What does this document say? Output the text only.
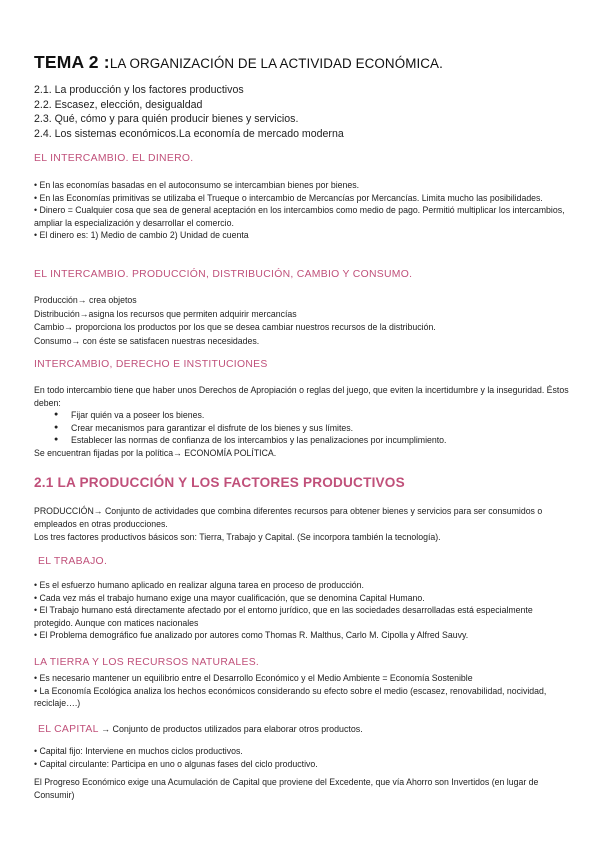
TEMA 2 :LA ORGANIZACIÓN DE LA ACTIVIDAD ECONÓMICA.
2.1. La producción y los factores productivos
2.2. Escasez, elección, desigualdad
2.3. Qué, cómo y para quién producir bienes y servicios.
2.4. Los sistemas económicos.La economía de mercado moderna
EL INTERCAMBIO. EL DINERO.

• En las economías basadas en el autoconsumo se intercambian bienes por bienes.

• En las Economías primitivas se utilizaba el Trueque o intercambio de Mercancías por Mercancías. Limita mucho las posibilidades.

• Dinero = Cualquier cosa que sea de general aceptación en los intercambios como medio de pago. Permitió multiplicar los intercambios, ampliar la especialización y desarrollar el comercio.

• El dinero es: 1) Medio de cambio 2) Unidad de cuenta

EL INTERCAMBIO. PRODUCCIÓN, DISTRIBUCIÓN, CAMBIO Y CONSUMO.

Producción→ crea objetos

Distribución→asigna los recursos que permiten adquirir mercancías

Cambio→ proporciona los productos por los que se desea cambiar nuestros recursos de la distribución.

Consumo→ con éste se satisfacen nuestras necesidades.

INTERCAMBIO, DERECHO E INSTITUCIONES

En todo intercambio tiene que haber unos Derechos de Apropiación o reglas del juego, que eviten la incertidumbre y la inseguridad. Éstos deben:

● Fijar quién va a poseer los bienes.
● Crear mecanismos para garantizar el disfrute de los bienes y sus límites.
● Establecer las normas de confianza de los intercambios y las penalizaciones por incumplimiento.

Se encuentran fijadas por la política→ ECONOMÍA POLÍTICA.

2.1 LA PRODUCCIÓN Y LOS FACTORES PRODUCTIVOS

PRODUCCIÓN→ Conjunto de actividades que combina diferentes recursos para obtener bienes y servicios para ser consumidos o empleados en otras producciones.

Los tres factores productivos básicos son: Tierra, Trabajo y Capital. (Se incorpora también la tecnología).

EL TRABAJO.

• Es el esfuerzo humano aplicado en realizar alguna tarea en proceso de producción.

• Cada vez más el trabajo humano exige una mayor cualificación, que se denomina Capital Humano.

• El Trabajo humano está directamente afectado por el entorno jurídico, que en las sociedades desarrolladas está especialmente protegido. Aunque con matices nacionales

• El Problema demográfico fue analizado por autores como Thomas R. Malthus, Carlo M. Cipolla y Alfred Sauvy.

LA TIERRA Y LOS RECURSOS NATURALES.

• Es necesario mantener un equilibrio entre el Desarrollo Económico y el Medio Ambiente = Economía Sostenible

• La Economía Ecológica analiza los hechos económicos considerando su efecto sobre el medio (escasez, renovabilidad, nocividad, reciclaje….)

EL CAPITAL → Conjunto de productos utilizados para elaborar otros productos.

• Capital fijo: Interviene en muchos ciclos productivos.

• Capital circulante: Participa en uno o algunas fases del ciclo productivo.

El Progreso Económico exige una Acumulación de Capital que proviene del Excedente, que vía Ahorro son Invertidos (en lugar de Consumir)
